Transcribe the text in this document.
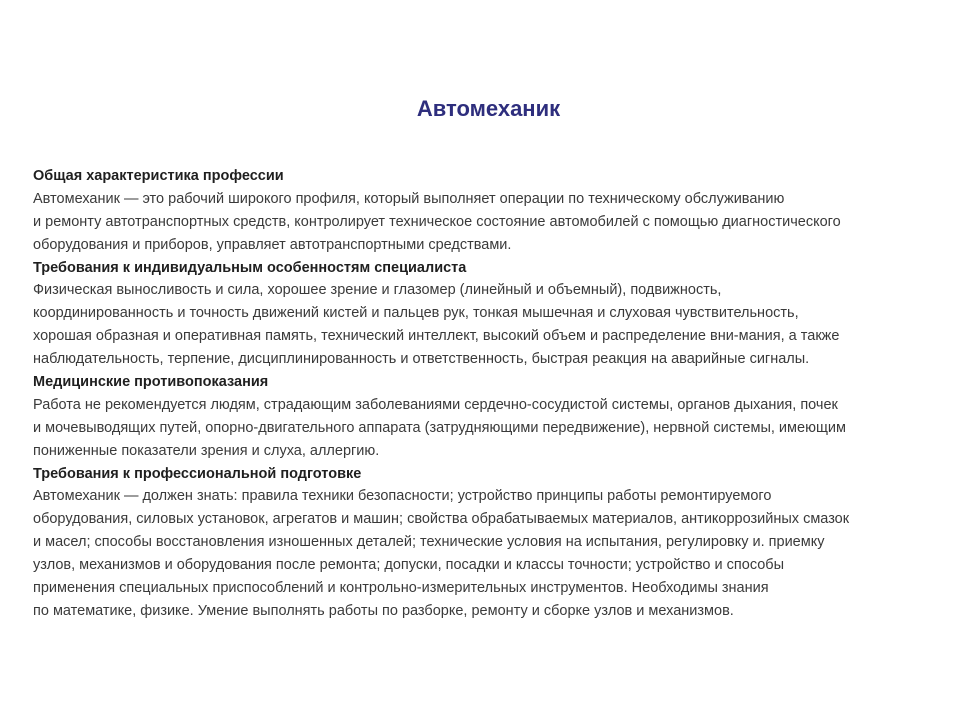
Автомеханик
Общая характеристика профессии
Автомеханик — это рабочий широкого профиля, который выполняет операции по техническому обслуживанию
и ремонту автотранспортных средств, контролирует техническое состояние автомобилей с помощью диагностического
оборудования и приборов, управляет автотранспортными средствами.
Требования к индивидуальным особенностям специалиста
Физическая выносливость и сила, хорошее зрение и глазомер (линейный и объемный), подвижность,
координированность и точность движений кистей и пальцев рук, тонкая мышечная и слуховая чувствительность,
хорошая образная и оперативная память, технический интеллект, высокий объем и распределение вни-мания, а также
наблюдательность, терпение, дисциплинированность и ответственность, быстрая реакция на аварийные сигналы.
Медицинские противопоказания
Работа не рекомендуется людям, страдающим заболеваниями сердечно-сосудистой системы, органов дыхания, почек
и мочевыводящих путей, опорно-двигательного аппарата (затрудняющими передвижение), нервной системы, имеющим
пониженные показатели зрения и слуха, аллергию.
Требования к профессиональной подготовке
Автомеханик — должен знать: правила техники безопасности; устройство принципы работы ремонтируемого
оборудования, силовых установок, агрегатов и машин; свойства обрабатываемых материалов, антикоррозийных смазок
и масел; способы восстановления изношенных деталей; технические условия на испытания, регулировку и. приемку
узлов, механизмов и оборудования после ремонта; допуски, посадки и классы точности; устройство и способы
применения специальных приспособлений и контрольно-измерительных инструментов. Необходимы знания
по математике, физике. Умение выполнять работы по разборке, ремонту и сборке узлов и механизмов.
